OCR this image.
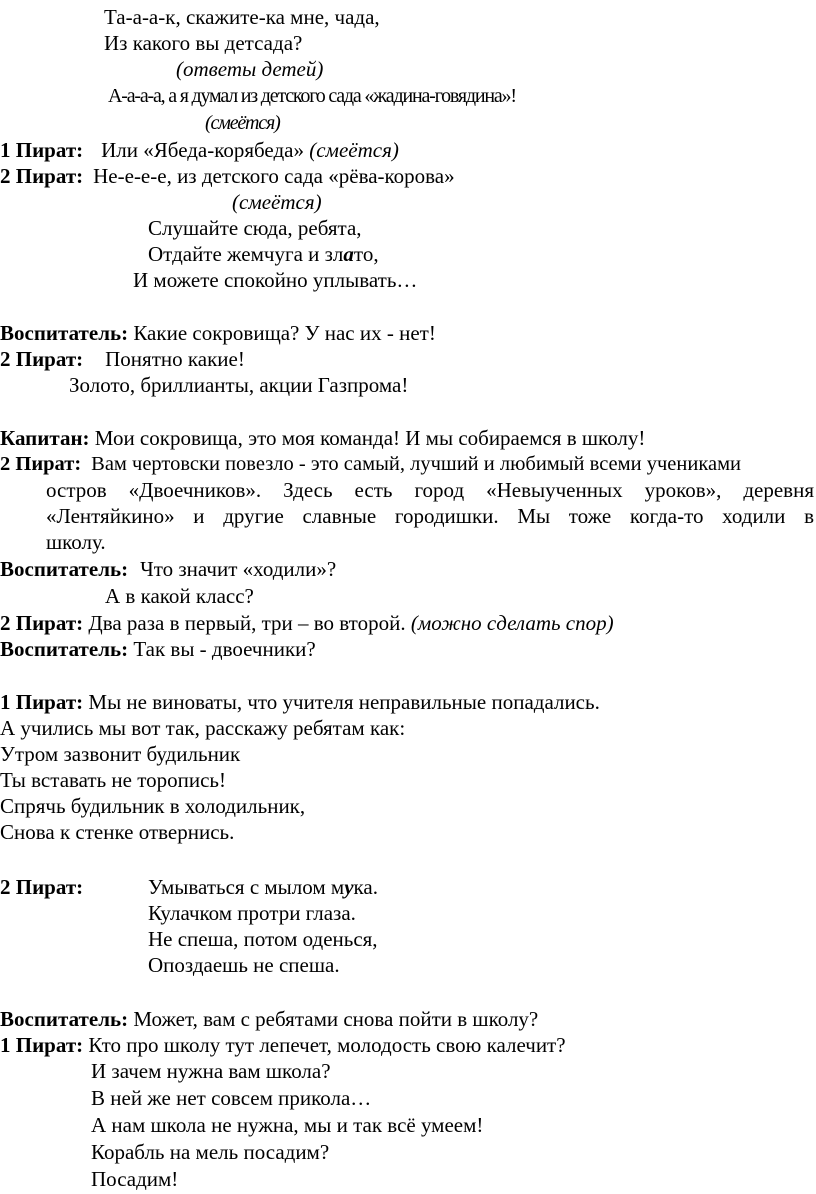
Та-а-а-к, скажите-ка мне, чада,
Из какого вы детсада?
(ответы детей)
А-а-а-а, а я думал из детского сада «жадина-говядина»!
(смеётся)
1 Пират: Или «Ябеда-корябеда» (смеётся)
2 Пират: Не-е-е-е, из детского сада «рёва-корова»
(смеётся)
Слушайте сюда, ребята,
Отдайте жемчуга и злато,
И можете спокойно уплывать…
Воспитатель: Какие сокровища? У нас их - нет!
2 Пират: Понятно какие!
Золото, бриллианты, акции Газпрома!
Капитан: Мои сокровища, это моя команда! И мы собираемся в школу!
2 Пират: Вам чертовски повезло - это самый, лучший и любимый всеми учениками
остров «Двоечников». Здесь есть город «Невыученных уроков», деревня
«Лентяйкино» и другие славные городишки. Мы тоже когда-то ходили в
школу.
Воспитатель: Что значит «ходили»?
А в какой класс?
2 Пират: Два раза в первый, три – во второй. (можно сделать спор)
Воспитатель: Так вы - двоечники?
1 Пират: Мы не виноваты, что учителя неправильные попадались.
А учились мы вот так, расскажу ребятам как:
Утром зазвонит будильник
Ты вставать не торопись!
Спрячь будильник в холодильник,
Снова к стенке отвернись.
2 Пират:	Умываться с мылом мука.
Кулачком протри глаза.
Не спеша, потом оденься,
Опоздаешь не спеша.
Воспитатель: Может, вам с ребятами снова пойти в школу?
1 Пират: Кто про школу тут лепечет, молодость свою калечит?
И зачем нужна вам школа?
В ней же нет совсем прикола…
А нам школа не нужна, мы и так всё умеем!
Корабль на мель посадим?
Посадим!
